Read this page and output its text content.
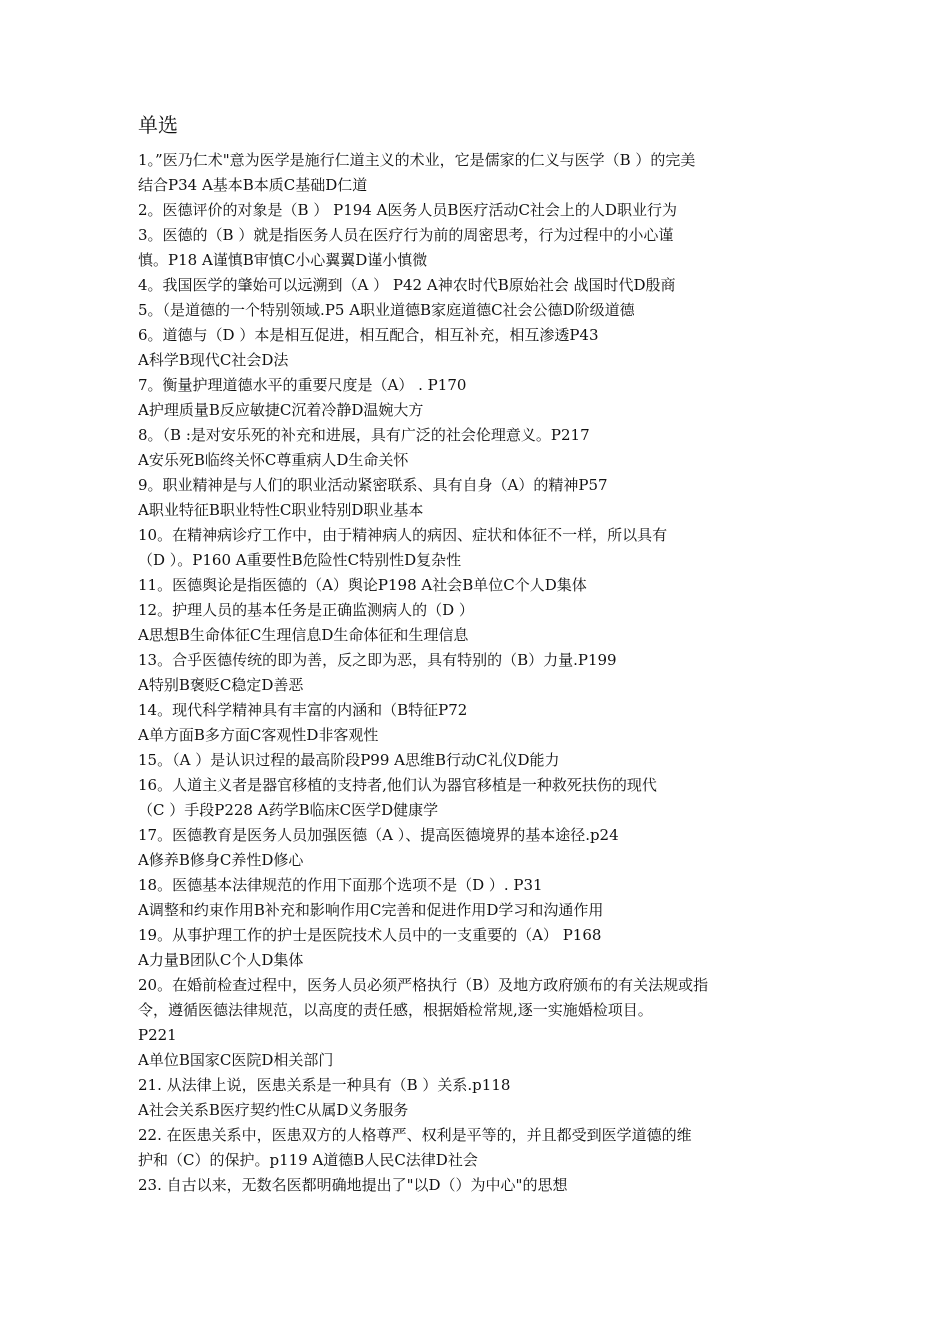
单选
1。”医乃仁术"意为医学是施行仁道主义的术业，它是儒家的仁义与医学（B ）的完美
结合P34 A基本B本质C基础D仁道
2。医德评价的对象是（B ） P194 A医务人员B医疗活动C社会上的人D职业行为
3。医德的（B ）就是指医务人员在医疗行为前的周密思考，行为过程中的小心谨
慎。P18 A谨慎B审慎C小心翼翼D谨小慎微
4。我国医学的肇始可以远溯到（A ） P42 A神农时代B原始社会 战国时代D殷商
5。（是道德的一个特别领域.P5 A职业道德B家庭道德C社会公德D阶级道德
6。道德与（D ）本是相互促进，相互配合，相互补充，相互渗透P43
A科学B现代C社会D法
7。衡量护理道德水平的重要尺度是（A） . P170
A护理质量B反应敏捷C沉着冷静D温婉大方
8。（B :是对安乐死的补充和进展，具有广泛的社会伦理意义。P217
A安乐死B临终关怀C尊重病人D生命关怀
9。职业精神是与人们的职业活动紧密联系、具有自身（A）的精神P57
A职业特征B职业特性C职业特别D职业基本
10。在精神病诊疗工作中，由于精神病人的病因、症状和体征不一样，所以具有
（D ）。P160 A重要性B危险性C特别性D复杂性
11。医德舆论是指医德的（A）舆论P198 A社会B单位C个人D集体
12。护理人员的基本任务是正确监测病人的（D ）
A思想B生命体征C生理信息D生命体征和生理信息
13。合乎医德传统的即为善，反之即为恶，具有特别的（B）力量.P199
A特别B褒贬C稳定D善恶
14。现代科学精神具有丰富的内涵和（B特征P72
A单方面B多方面C客观性D非客观性
15。（A ）是认识过程的最高阶段P99 A思维B行动C礼仪D能力
16。人道主义者是器官移植的支持者,他们认为器官移植是一种救死扶伤的现代
（C ）手段P228 A药学B临床C医学D健康学
17。医德教育是医务人员加强医德（A ）、提高医德境界的基本途径.p24
A修养B修身C养性D修心
18。医德基本法律规范的作用下面那个选项不是（D ）. P31
A调整和约束作用B补充和影响作用C完善和促进作用D学习和沟通作用
19。从事护理工作的护士是医院技术人员中的一支重要的（A） P168
A力量B团队C个人D集体
20。在婚前检查过程中，医务人员必须严格执行（B）及地方政府颁布的有关法规或指
令，遵循医德法律规范，以高度的责任感，根据婚检常规,逐一实施婚检项目。
P221
A单位B国家C医院D相关部门
21. 从法律上说，医患关系是一种具有（B ）关系.p118
A社会关系B医疗契约性C从属D义务服务
22. 在医患关系中，医患双方的人格尊严、权利是平等的，并且都受到医学道德的维
护和（C）的保护。p119 A道德B人民C法律D社会
23. 自古以来，无数名医都明确地提出了"以D（）为中心"的思想
